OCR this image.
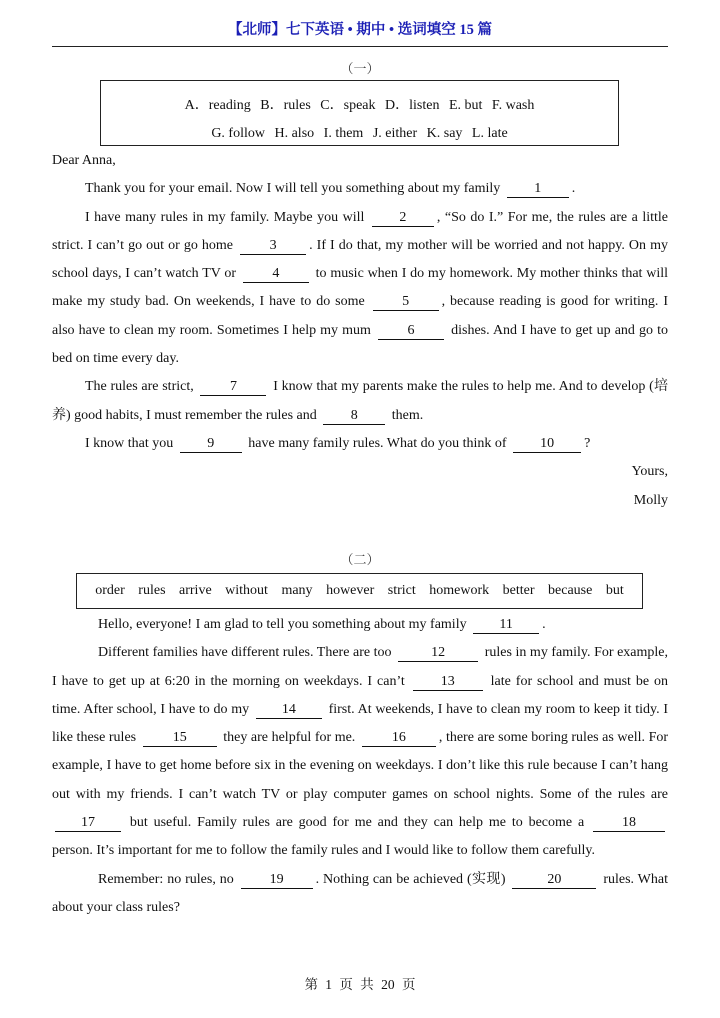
【北师】七下英语 • 期中 • 选词填空 15 篇
（一）
A．reading B．rules C．speak D．listen E. but F. wash
G. follow H. also I. them J. either K. say L. late

Dear Anna,

Thank you for your email. Now I will tell you something about my family 1 .

I have many rules in my family. Maybe you will	2 , “So do I.” For me, the rules are a little strict. I can’t go out or go home	3 . If I do that, my mother will be worried and not happy. On my school days, I can’t watch TV or	4	to music when I do my homework. My mother thinks that will make my study bad. On weekends, I have to do some	5 , because reading is good for writing. I also have to clean my room. Sometimes I help my mum	6	dishes. And I have to get up and go to bed on time every day.

The rules are strict,	7	I know that my parents make the rules to help me. And to develop (培养) good habits, I must remember the rules and 8 them.

I know that you 9 have many family rules. What do you think of 10 ?

Yours,

Molly

（二）
order rules arrive without many however strict homework better because but

Hello, everyone! I am glad to tell you something about my family 11 .

Different families have different rules. There are too	12	rules in my family. For example, I have to get up at 6:20 in the morning on weekdays. I can’t	13	late for school and must be on time. After school, I have to do my 14 first. At weekends, I have to clean my room to keep it tidy. I like these rules	15	they are helpful for me.	16 , there are some boring rules as well. For example, I have to get home before six in the evening on weekdays. I don’t like this rule because I can’t hang out with my friends. I can’t watch TV or play computer games on school nights. Some of the rules are 17 but useful. Family rules are good for me and they can help me to become a	18 person. It’s important for me to follow the family rules and I would like to follow them carefully.

Remember: no rules, no	19 . Nothing can be achieved (实现)	20	rules. What about your class rules?

第 1 页 共 20 页
